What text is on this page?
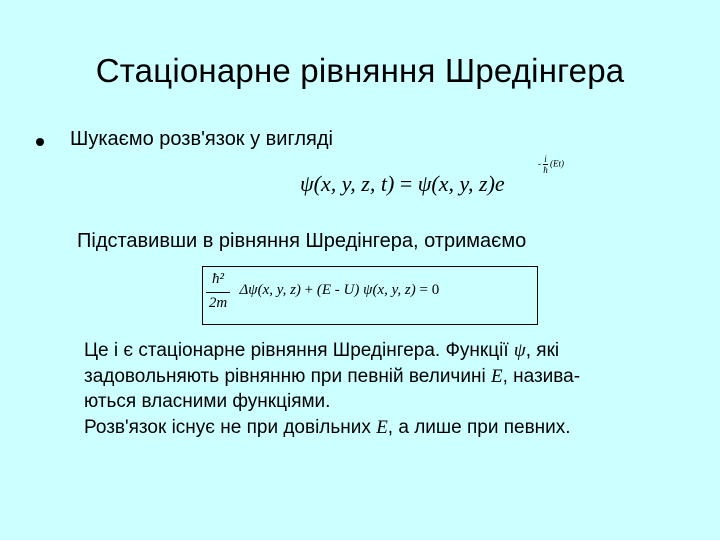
Стаціонарне рівняння Шредінгера
Шукаємо розв'язок у вигляді
ψ(x, y, z, t) = ψ(x, y, z)e
- $\frac{i}{ħ} (Et)$
Підставивши в рівняння Шредінгера, отримаємо
$\frac{\text{ħ²}}{2m} \Delta\psi(x$, y, z) + (E - U) ψ(x, y, z) = 0
Це і є стаціонарне рівняння Шредінгера. Функції ψ, які
задовольняють рівнянню при певній величині E, назива-
ються власними функціями.
Розв'язок існує не при довільних E, а лише при певних.
